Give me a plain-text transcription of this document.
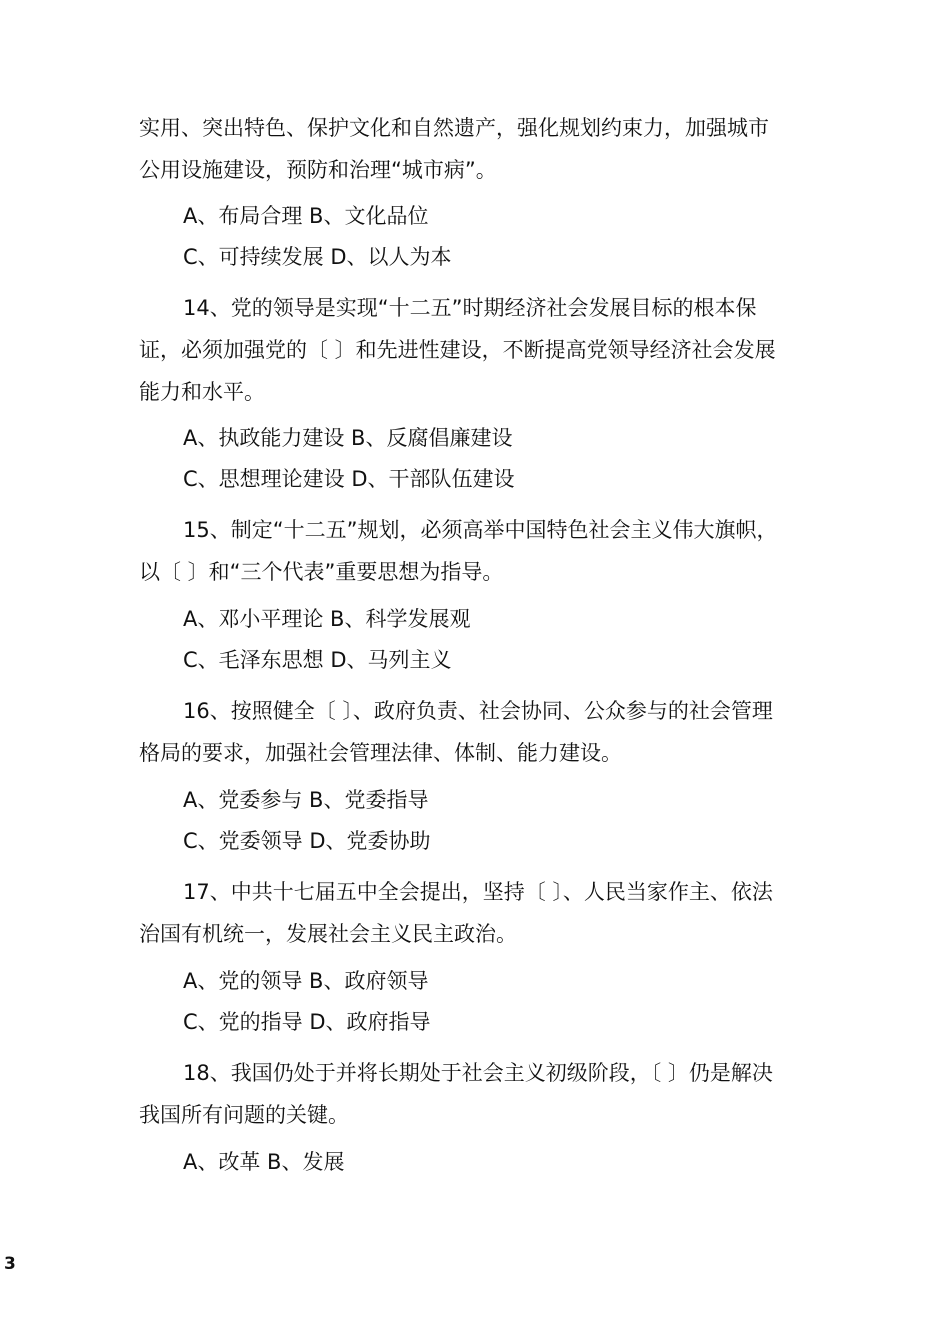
实用、突出特色、保护文化和自然遗产，强化规划约束力，加强城市

公用设施建设，预防和治理“城市病”。

A、布局合理 B、文化品位

C、可持续发展 D、以人为本

14、党的领导是实现“十二五”时期经济社会发展目标的根本保

证，必须加强党的〔 〕和先进性建设，不断提高党领导经济社会发展

能力和水平。

A、执政能力建设 B、反腐倡廉建设

C、思想理论建设 D、干部队伍建设

15、制定“十二五”规划，必须高举中国特色社会主义伟大旗帜，

以〔 〕和“三个代表”重要思想为指导。

A、邓小平理论 B、科学发展观

C、毛泽东思想 D、马列主义

16、按照健全〔 〕、政府负责、社会协同、公众参与的社会管理

格局的要求，加强社会管理法律、体制、能力建设。

A、党委参与 B、党委指导

C、党委领导 D、党委协助

17、中共十七届五中全会提出，坚持〔 〕、人民当家作主、依法

治国有机统一，发展社会主义民主政治。

A、党的领导 B、政府领导

C、党的指导 D、政府指导

18、我国仍处于并将长期处于社会主义初级阶段，〔 〕仍是解决

我国所有问题的关键。

A、改革 B、发展

3
